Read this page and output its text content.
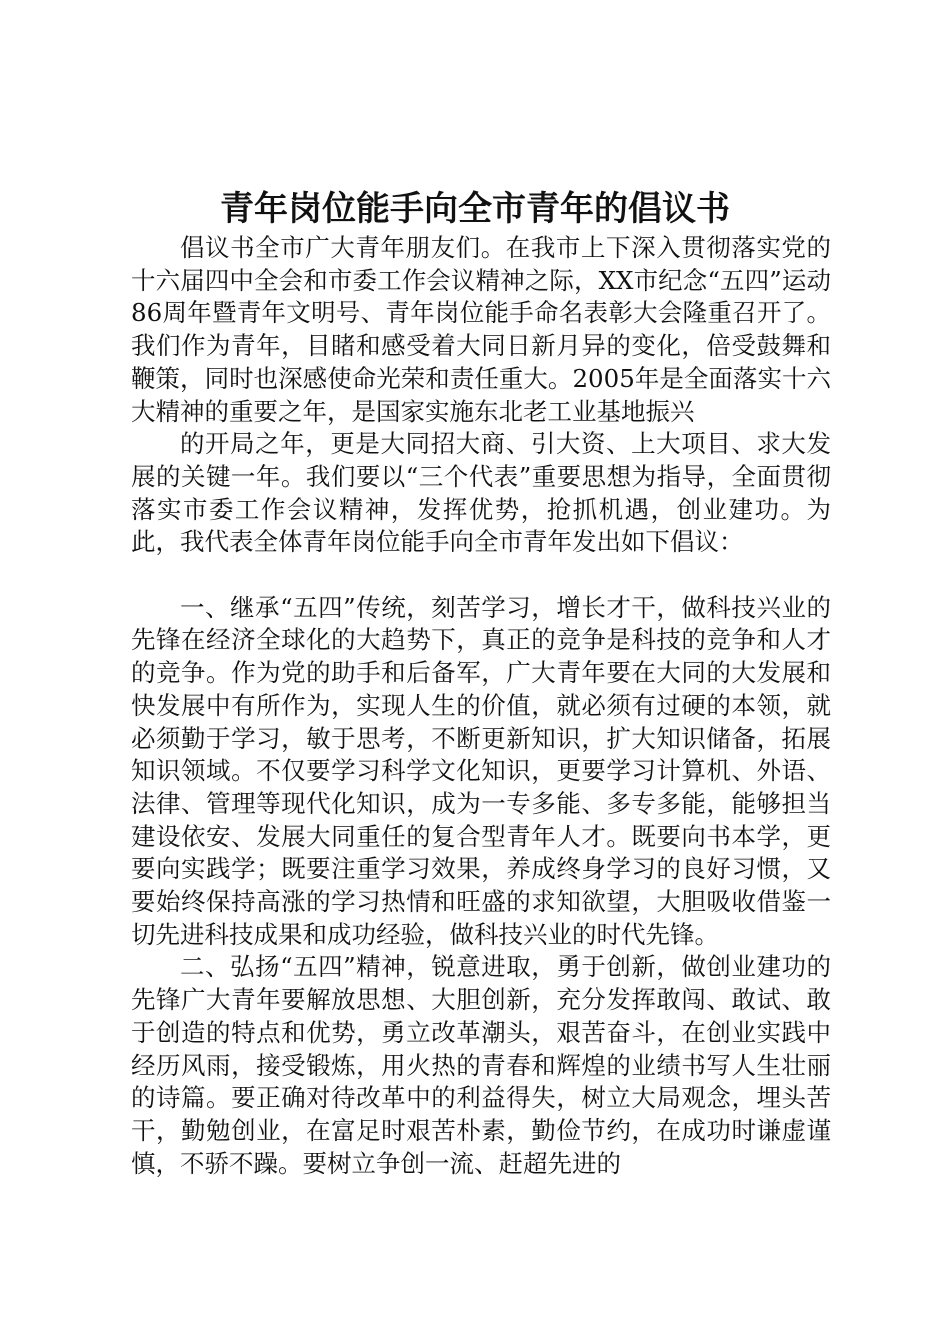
青年岗位能手向全市青年的倡议书

倡议书全市广大青年朋友们。在我市上下深入贯彻落实党的十六届四中全会和市委工作会议精神之际，XX市纪念“五四”运动86周年暨青年文明号、青年岗位能手命名表彰大会隆重召开了。我们作为青年，目睹和感受着大同日新月异的变化，倍受鼓舞和鞭策，同时也深感使命光荣和责任重大。2005年是全面落实十六大精神的重要之年，是国家实施东北老工业基地振兴

的开局之年，更是大同招大商、引大资、上大项目、求大发展的关键一年。我们要以“三个代表”重要思想为指导，全面贯彻落实市委工作会议精神，发挥优势，抢抓机遇，创业建功。为此，我代表全体青年岗位能手向全市青年发出如下倡议：

一、继承“五四”传统，刻苦学习，增长才干，做科技兴业的先锋在经济全球化的大趋势下，真正的竞争是科技的竞争和人才的竞争。作为党的助手和后备军，广大青年要在大同的大发展和快发展中有所作为，实现人生的价值，就必须有过硬的本领，就必须勤于学习，敏于思考，不断更新知识，扩大知识储备，拓展知识领域。不仅要学习科学文化知识，更要学习计算机、外语、法律、管理等现代化知识，成为一专多能、多专多能，能够担当建设依安、发展大同重任的复合型青年人才。既要向书本学，更要向实践学；既要注重学习效果，养成终身学习的良好习惯，又要始终保持高涨的学习热情和旺盛的求知欲望，大胆吸收借鉴一切先进科技成果和成功经验，做科技兴业的时代先锋。

二、弘扬“五四”精神，锐意进取，勇于创新，做创业建功的先锋广大青年要解放思想、大胆创新，充分发挥敢闯、敢试、敢于创造的特点和优势，勇立改革潮头，艰苦奋斗，在创业实践中经历风雨，接受锻炼，用火热的青春和辉煌的业绩书写人生壮丽的诗篇。要正确对待改革中的利益得失，树立大局观念，埋头苦干，勤勉创业，在富足时艰苦朴素，勤俭节约，在成功时谦虚谨慎，不骄不躁。要树立争创一流、赶超先进的
